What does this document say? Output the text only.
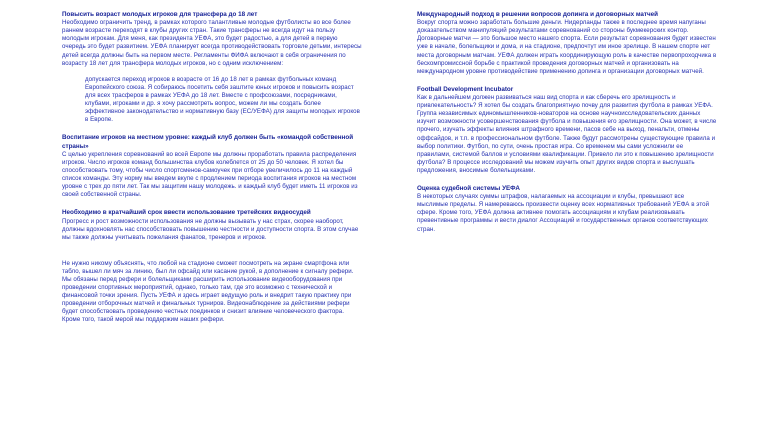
Повысить возраст молодых игроков для трансфера до 18 лет

Необходимо ограничить тренд, в рамках которого талантливые молодые футболисты во все более раннем возрасте переходят в клубы других стран. Такие трансферы не всегда идут на пользу молодым игрокам. Для меня, как президента УЕФА, это будет радостью, а для детей в первую очередь это будет развитием. УЕФА планирует всегда противодействовать торговле детьми, интересы детей всегда должны быть на первом месте. Регламенты ФИФА включают в себя ограничения по возрасту 18 лет для трансфера молодых игроков, но с одним исключением:

допускается переход игроков в возрасте от 16 до 18 лет в рамках футбольных команд Европейского союза. Я собираюсь посетить себя заштитe юных игроков и повысить возраст для всех трасферов в рамках УЕФА до 18 лет. Вместе с профсоюзами, посредниками, клубами, игроками и др. я хочу рассмотреть вопрос, можем ли мы создать более эффективное законодательство и нормативную базу (ЕС/УЕФА) для защиты молодых игроков в Европе.

Воспитание игроков на местном уровне: каждый клуб должен быть «командой собственной страны»

С целью укрепления соревнований во всей Европе мы должны проработать правила распределения игроков. Число игроков команд большинства клубов колеблется от 25 до 50 человек. Я хотел бы способствовать тому, чтобы число спортсменов-самоучек при отборе увеличилось до 11 на каждый список команды. Эту норму мы введем вкупе с продлением периода воспитания игроков на местном уровне с трех до пяти лет. Так мы защитим нашу молодежь. и каждый клуб будет иметь 11 игроков из своей собственной страны.

Необходимо в кратчайший срок ввести использование третейских видеосудей

Прогресс и рост возможности использования не должны вызывать у нас страх, скорее наоборот, должны вдохновлять нас способствовать повышению честности и доступности спорта. В этом случае мы также должны учитывать пожелания фанатов, тренеров и игроков.

Не нужно никому объяснять, что любой на стадионе сможет посмотреть на экране смартфона или табло, вышел ли мяч за линию, был ли офсайд или касание рукой, в дополнение к сигналу рефери. Мы обязаны перед рефери и болельщиками расширить использование видеооборудования при проведении спортивных мероприятий, однако, только там, где это возможно с технической и финансовой точки зрения. Пусть УЕФА и здесь играет ведущую роль и внедрит такую практику при проведении отборочных матчей и финальных турниров. Видеонаблюдение за действиями рефери будет способствовать проведению честных поединков и снизит влияние человеческого фактора. Кроме того, такой мерой мы поддержим наших рефери.

Международный подход в решении вопросов допинга и договорных матчей

Вокруг спорта можно заработать большие деньги. Нидерланды также в последнее время напуганы доказательством манипуляций результатами соревнований со стороны букмекерских контор. Договорные матчи — это большое место нашего спорта. Если результат соревнования будет известен уже в начале, болельщики и дома, и на стадионе, предпочтут им иное зрелище. В нашем спорте нет места договорным матчам. УЕФА должен играть координирующую роль в качестве первопроходчика в бескомпромиссной борьбе с практикой проведения договорных матчей и организовать на международном уровне противодействие применению допинга и организации договорных матчей.

Football Development Incubator

Как в дальнейшем должен развиваться наш вид спорта и как сберечь его зрелищность и привлекательность? Я хотел бы создать благоприятную почву для развития футбола в рамках УЕФА. Группа независимых единомышленников-новаторов на основе научноисследовательских данных изучит возможности усовершенствования футбола и повышения его зрелищности. Она может, в числе прочего, изучать эффекты влияния штрафного времени, пасов себе на выход, пенальти, отмены оффсайдов, и т.п. в профессиональном футболе. Также будут рассмотрены существующие правила и выбор политики. Футбол, по сути, очень простая игра. Со временем мы сами усложнили ее правилами, системой баллов и условиями квалификации. Привело ли это к повышению зрелищности футбола? В процессе исследований мы можем изучить опыт других видов спорта и выслушать предложения, вносимые болельщиками.

Оценка судебной системы УЕФА

В некоторых случаях суммы штрафов, налагаемых на ассоциации и клубы, превышают все мыслимые пределы. Я намереваюсь произвести оценку всех нормативных требований УЕФА в этой сфере. Кроме того, УЕФА должна активнее помогать ассоциациям и клубам реализовывать превентивные программы и вести диалог Ассоциаций и государственных органов соответствующих стран.
